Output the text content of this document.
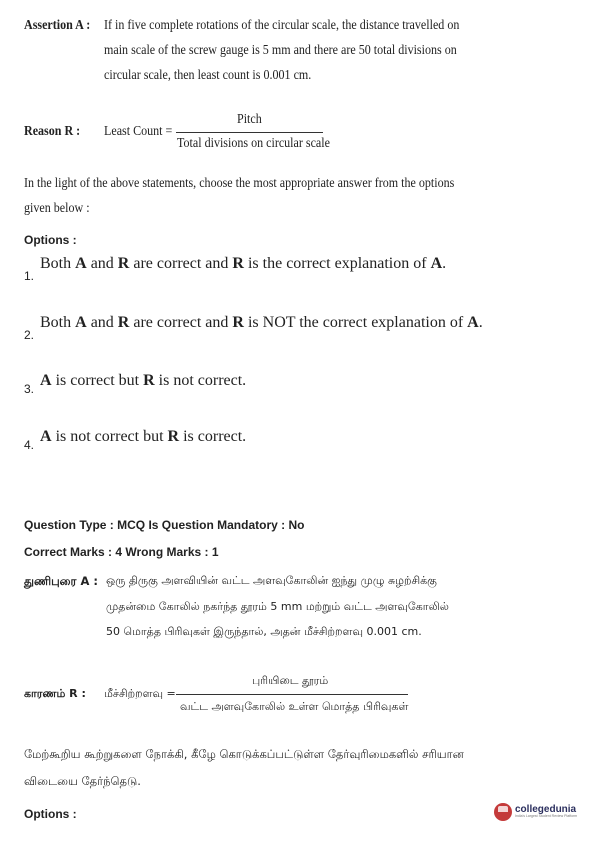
Assertion A : If in five complete rotations of the circular scale, the distance travelled on
main scale of the screw gauge is 5 mm and there are 50 total divisions on
circular scale, then least count is 0.001 cm.
Reason R : Least Count =
Pitch
Total divisions on circular scale
In the light of the above statements, choose the most appropriate answer from the options
given below :
Options :
1.
Both A and R are correct and R is the correct explanation of A.
2.
Both A and R are correct and R is NOT the correct explanation of A.
3. A is correct but R is not correct.
4. A is not correct but R is correct.
Question Type : MCQ Is Question Mandatory : No
Correct Marks : 4 Wrong Marks : 1
துணிபுரை A : ஒரு திருகு அளவியின் வட்ட அளவுகோலின் ஐந்து முழு சுழற்சிக்கு
முதன்மை கோலில் நகர்ந்த தூரம் 5 mm மற்றும் வட்ட அளவுகோலில்
50 மொத்த பிரிவுகள் இருந்தால், அதன் மீச்சிற்றளவு 0.001 cm.
காரணம் R : மீச்சிற்றளவு =
புரியிடை தூரம்
வட்ட அளவுகோலில் உள்ள மொத்த பிரிவுகள்
மேற்கூறிய கூற்றுகளை நோக்கி, கீழே கொடுக்கப்பட்டுள்ள தேர்வுரிமைகளில் சரியான
விடையை தேர்ந்தெடு.
Options :	collegedunia
India's Largest Student Review Platform
